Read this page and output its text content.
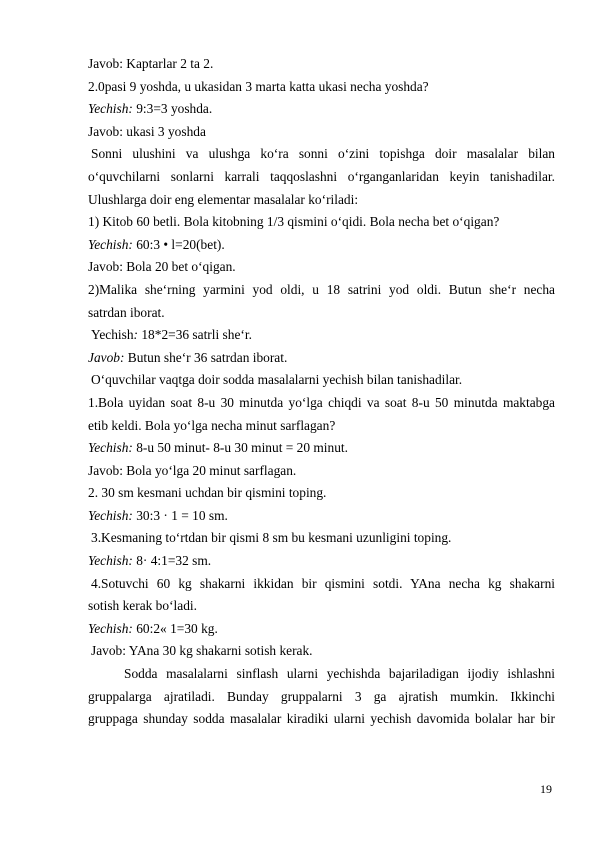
Javob: Kaptarlar 2 ta 2.
2.0pasi 9 yoshda, u ukasidan 3 marta katta ukasi necha yoshda?
Yechish: 9:3=3 yoshda.
Javob: ukasi 3 yoshda
Sonni ulushini va ulushga ko‘ra sonni o‘zini topishga doir masalalar bilan
o‘quvchilarni sonlarni karrali taqqoslashni o‘rganganlaridan keyin tanishadilar.
Ulushlarga doir eng elementar masalalar ko‘riladi:
1) Kitob 60 betli. Bola kitobning 1/3 qismini o‘qidi. Bola necha bet o‘qigan?
Yechish: 60:3 • l=20(bet).
Javob: Bola 20 bet o‘qigan.
2)Malika she‘rning yarmini yod oldi, u 18 satrini yod oldi. Butun she‘r necha
satrdan iborat.
Yechish: 18*2=36 satrli she‘r.
Javob: Butun she‘r 36 satrdan iborat.
O‘quvchilar vaqtga doir sodda masalalarni yechish bilan tanishadilar.
1.Bola uyidan soat 8-u 30 minutda yo‘lga chiqdi va soat 8-u 50 minutda maktabga
etib keldi. Bola yo‘lga necha minut sarflagan?
Yechish: 8-u 50 minut- 8-u 30 minut = 20 minut.
Javob: Bola yo‘lga 20 minut sarflagan.
2. 30 sm kesmani uchdan bir qismini toping.
Yechish: 30:3 · 1 = 10 sm.
3.Kesmaning to‘rtdan bir qismi 8 sm bu kesmani uzunligini toping.
Yechish: 8· 4:1=32 sm.
4.Sotuvchi 60 kg shakarni ikkidan bir qismini sotdi. YAna necha kg shakarni
sotish kerak bo‘ladi.
Yechish: 60:2« 1=30 kg.
Javob: YAna 30 kg shakarni sotish kerak.
Sodda masalalarni sinflash ularni yechishda bajariladigan ijodiy ishlashni
gruppalarga ajratiladi. Bunday gruppalarni 3 ga ajratish mumkin. Ikkinchi
gruppaga shunday sodda masalalar kiradiki ularni yechish davomida bolalar har bir
19
